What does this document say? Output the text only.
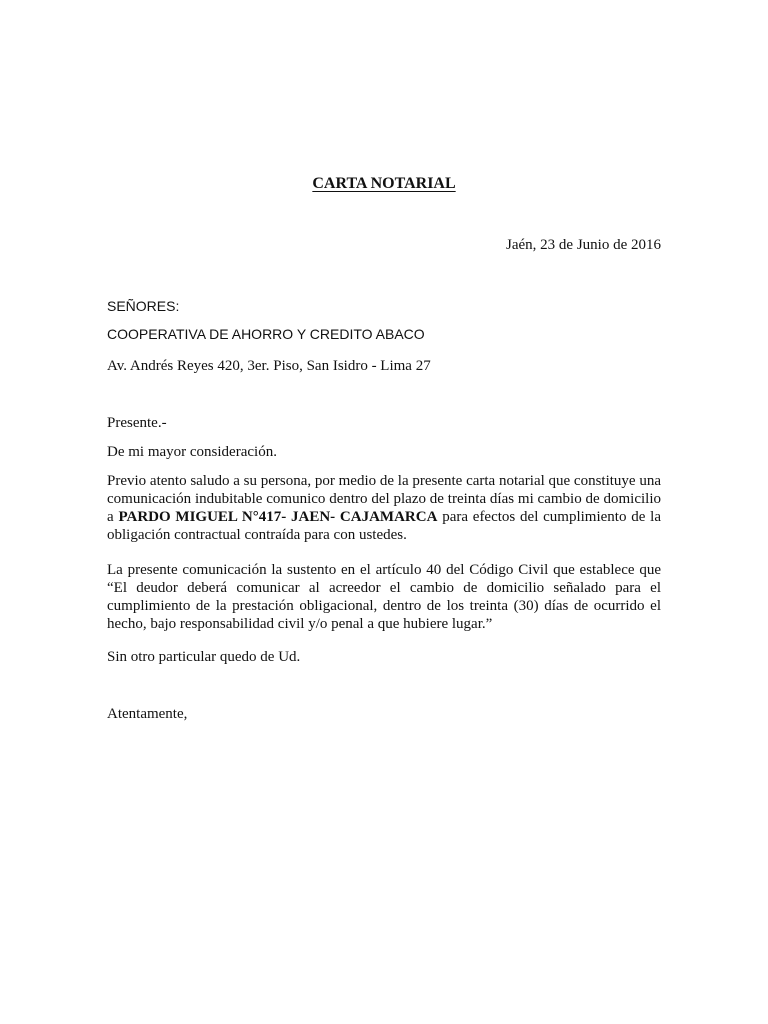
CARTA NOTARIAL
Jaén, 23 de Junio de 2016
SEÑORES:
COOPERATIVA DE AHORRO Y CREDITO ABACO
Av. Andrés Reyes 420, 3er. Piso, San Isidro - Lima 27
Presente.-
De mi mayor consideración.
Previo atento saludo a su persona, por medio de la presente carta notarial que constituye una comunicación indubitable comunico dentro del plazo de treinta días mi cambio de domicilio a PARDO MIGUEL N°417- JAEN- CAJAMARCA para efectos del cumplimiento de la obligación contractual contraída para con ustedes.
La presente comunicación la sustento en el artículo 40 del Código Civil que establece que “El deudor deberá comunicar al acreedor el cambio de domicilio señalado para el cumplimiento de la prestación obligacional, dentro de los treinta (30) días de ocurrido el hecho, bajo responsabilidad civil y/o penal a que hubiere lugar.”
Sin otro particular quedo de Ud.
Atentamente,
